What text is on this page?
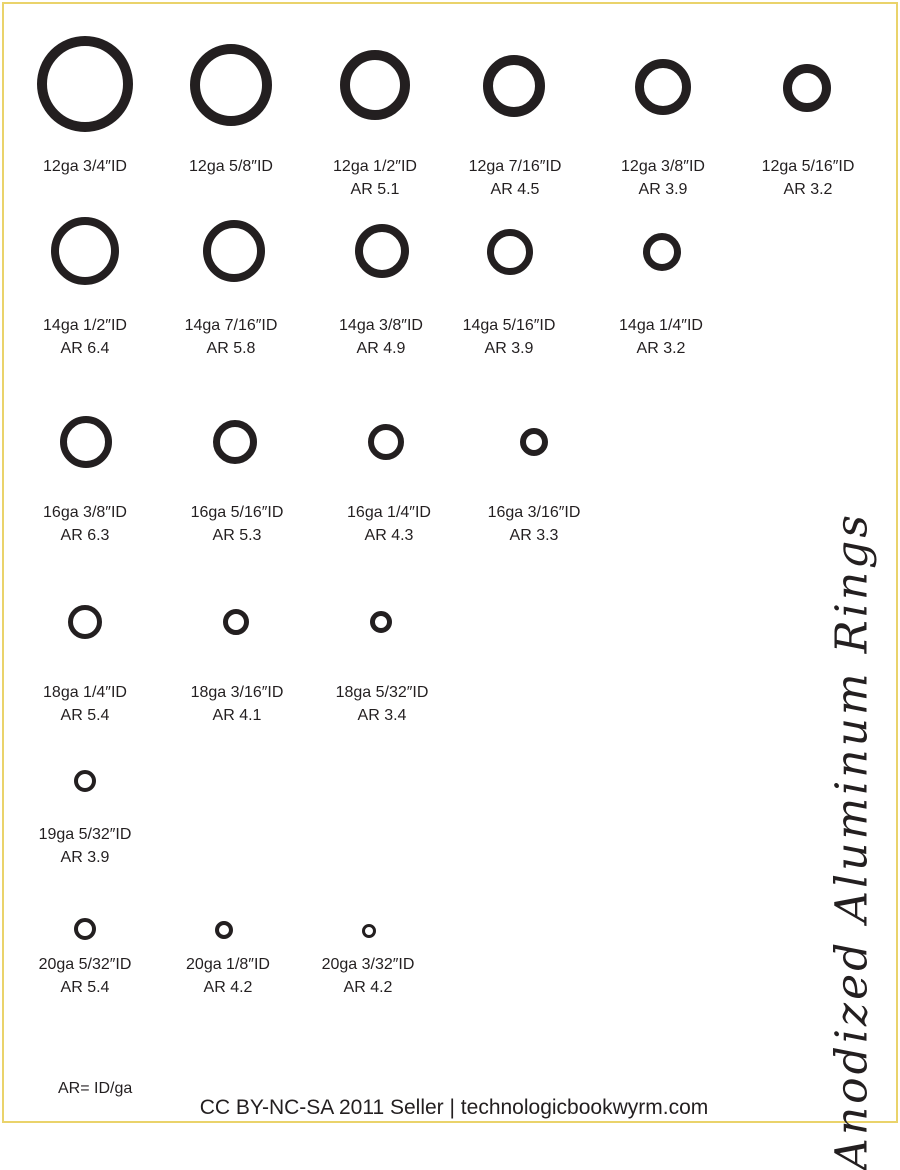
12ga 3/4″ID	12ga 5/8″ID	12ga 1/2″ID
AR 5.1
12ga 7/16″ID
AR 4.5
12ga 3/8″ID
AR 3.9
12ga 5/16″ID
AR 3.2
14ga 1/2″ID
AR 6.4
14ga 7/16″ID
AR 5.8
14ga 3/8″ID
AR 4.9
14ga 5/16″ID
AR 3.9
14ga 1/4″ID
AR 3.2
16ga 3/8″ID
AR 6.3
16ga 5/16″ID
AR 5.3
16ga 1/4″ID
AR 4.3
16ga 3/16″ID
AR 3.3
18ga 1/4″ID
AR 5.4
18ga 3/16″ID
AR 4.1
18ga 5/32″ID
AR 3.4
19ga 5/32″ID
AR 3.9
20ga 5/32″ID
AR 5.4
20ga 1/8″ID
AR 4.2
20ga 3/32″ID
AR 4.2	Anodized Aluminum Rings
AR= ID/ga
CC BY-NC-SA 2011 Seller | technologicbookwyrm.com
